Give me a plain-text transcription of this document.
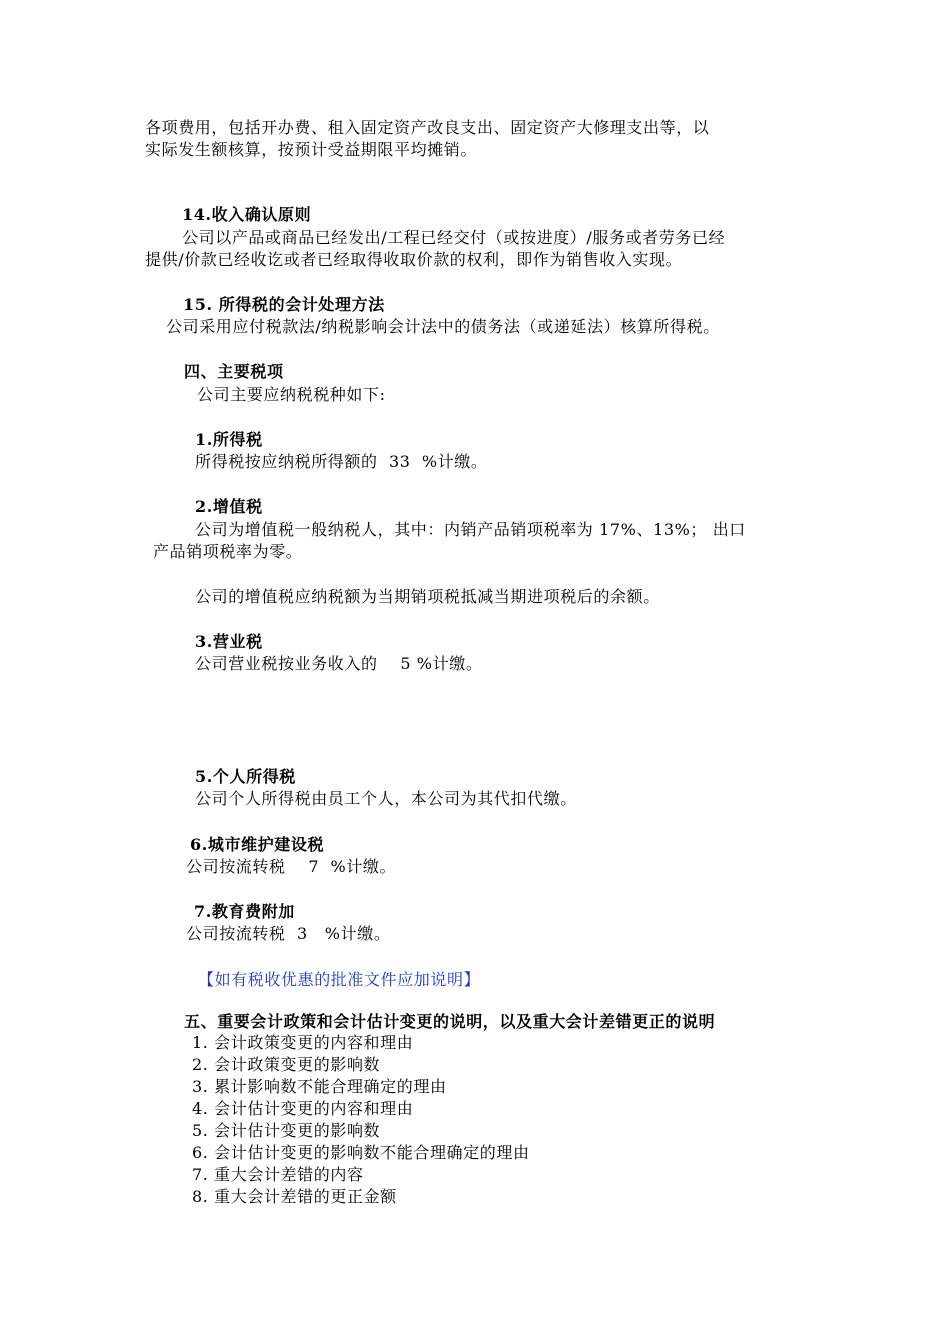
各项费用，包括开办费、租入固定资产改良支出、固定资产大修理支出等，以
实际发生额核算，按预计受益期限平均摊销。
14.收入确认原则
公司以产品或商品已经发出/工程已经交付（或按进度）/服务或者劳务已经
提供/价款已经收讫或者已经取得收取价款的权利，即作为销售收入实现。
15. 所得税的会计处理方法
公司采用应付税款法/纳税影响会计法中的债务法（或递延法）核算所得税。
四、主要税项
公司主要应纳税税种如下:
1.所得税
所得税按应纳税所得额的  33  %计缴。
2.增值税
公司为增值税一般纳税人，其中：内销产品销项税率为 17%、13%； 出口
产品销项税率为零。
公司的增值税应纳税额为当期销项税抵减当期进项税后的余额。
3.营业税
公司营业税按业务收入的    5 %计缴。
5.个人所得税
公司个人所得税由员工个人，本公司为其代扣代缴。
6.城市维护建设税
公司按流转税    7  %计缴。
7.教育费附加
公司按流转税  3   %计缴。
【如有税收优惠的批准文件应加说明】
五、重要会计政策和会计估计变更的说明，以及重大会计差错更正的说明
1. 会计政策变更的内容和理由
2. 会计政策变更的影响数
3. 累计影响数不能合理确定的理由
4. 会计估计变更的内容和理由
5. 会计估计变更的影响数
6. 会计估计变更的影响数不能合理确定的理由
7. 重大会计差错的内容
8. 重大会计差错的更正金额
